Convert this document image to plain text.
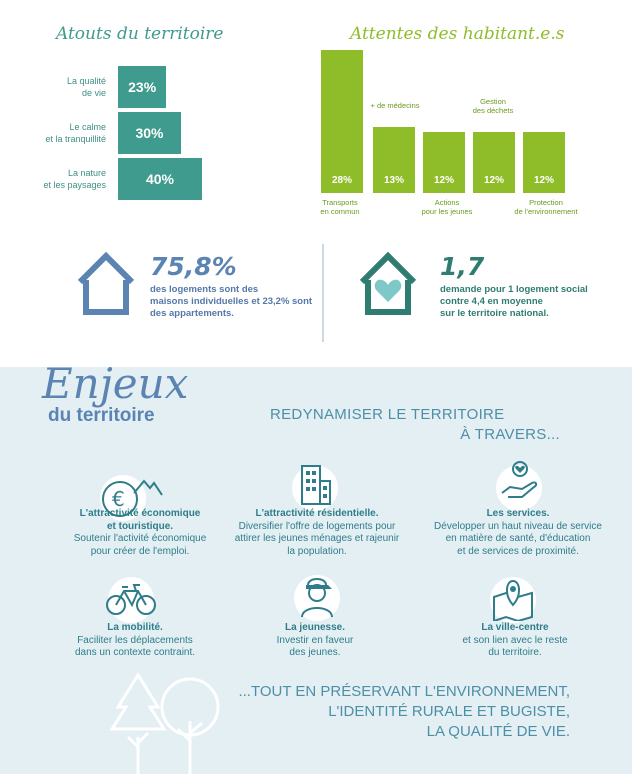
Atouts du territoire
La qualité
de vie	23%
Le calme
et la tranquillité	30%
La nature
et les paysages	40%
Attentes des habitant.e.s
28%	13%	12%	12%	12%
Transports
en commun
+ de médecins
Actions
pour les jeunes
Gestion
des déchets
Protection
de l'environnement
75,8%
des logements sont des
maisons individuelles et 23,2% sont
des appartements.
1,7
demande pour 1 logement social
contre 4,4 en moyenne
sur le territoire national.
Enjeux
du territoire	REDYNAMISER LE TERRITOIRE
À TRAVERS...
€
L'attractivité économique
et touristique.
Soutenir l'activité économique
pour créer de l'emploi.
L'attractivité résidentielle.
Diversifier l'offre de logements pour
attirer les jeunes ménages et rajeunir
la population.
Les services.
Développer un haut niveau de service
en matière de santé, d'éducation
et de services de proximité.
La mobilité.
Faciliter les déplacements
dans un contexte contraint.
La jeunesse.
Investir en faveur
des jeunes.
La ville-centre
et son lien avec le reste
du territoire.
...TOUT EN PRÉSERVANT L'ENVIRONNEMENT,
L'IDENTITÉ RURALE ET BUGISTE,
LA QUALITÉ DE VIE.
